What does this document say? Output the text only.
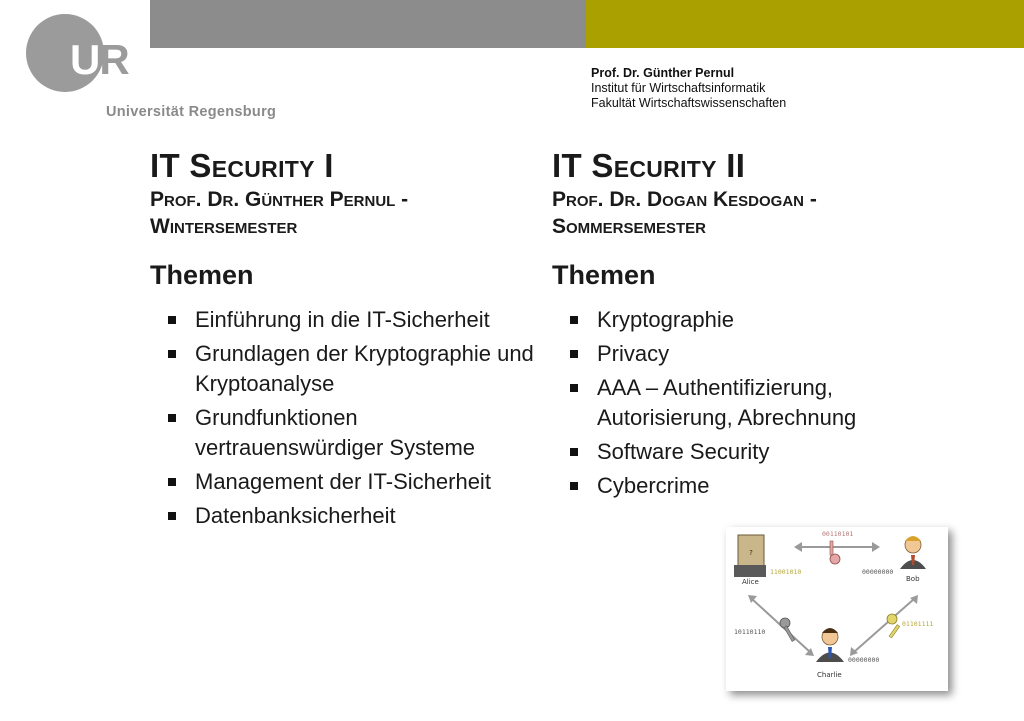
UR
Universität Regensburg
Prof. Dr. Günther Pernul
Institut für Wirtschaftsinformatik
Fakultät Wirtschaftswissenschaften
IT Security I
Prof. Dr. Günther Pernul - Wintersemester
Themen
Einführung in die IT-Sicherheit
Grundlagen der Kryptographie und Kryptoanalyse
Grundfunktionen vertrauenswürdiger Systeme
Management der IT-Sicherheit
Datenbanksicherheit
IT Security II
Prof. Dr. Dogan Kesdogan - Sommersemester
Themen
Kryptographie
Privacy
AAA – Authentifizierung, Autorisierung, Abrechnung
Software Security
Cybercrime
?
Alice	Bob
Charlie
00110101
11001010	00000000
10110110
01101111
00000000
